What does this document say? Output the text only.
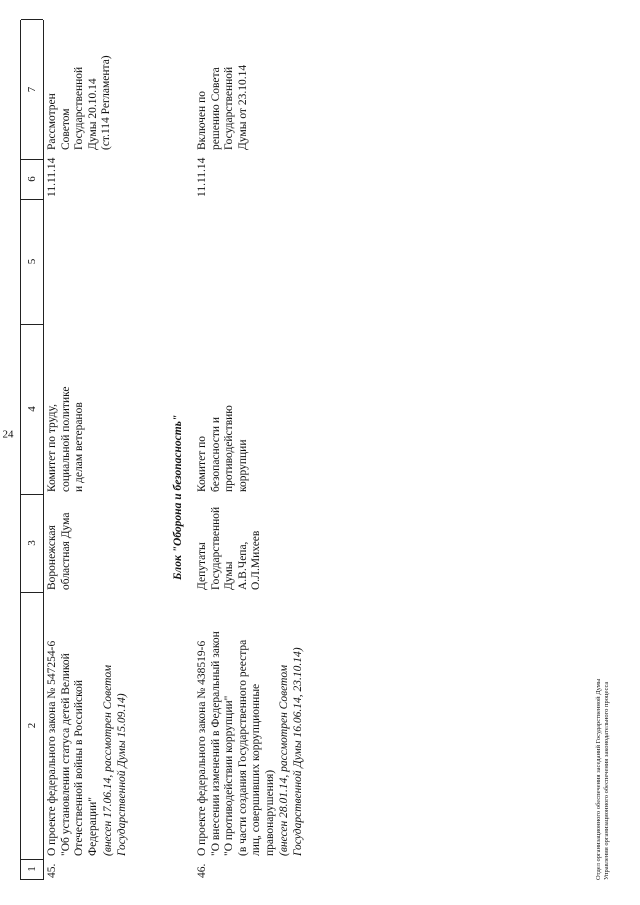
24
1
2
3
4
5
6
7
45.
О проекте федерального закона № 547254-6
"Об установлении статуса детей Великой
Отечественной войны в Российской
Федерации" (внесен 17.06.14, рассмотрен Советом
Государственной Думы 15.09.14)
Воронежская
областная Дума
Комитет по труду,
социальной политике
и делам ветеранов
11.11.14
Рассмотрен
Советом
Государственной
Думы 20.10.14
(ст.114 Регламента)
Блок "Оборона и безопасность"
46.
О проекте федерального закона № 438519-6
"О внесении изменений в Федеральный закон
"О противодействии коррупции"
(в части создания Государственного реестра
лиц, совершивших коррупционные
правонарушения) (внесен 28.01.14, рассмотрен Советом
Государственной Думы 16.06.14, 23.10.14)
Депутаты
Государственной
Думы
А.В.Чепа,
О.Л.Михеев
Комитет по
безопасности и
противодействию
коррупции
11.11.14
Включен по
решению Совета
Государственной
Думы от 23.10.14
Отдел организационного обеспечения заседаний Государственной Думы
Управления организационного обеспечения законодательного процесса
